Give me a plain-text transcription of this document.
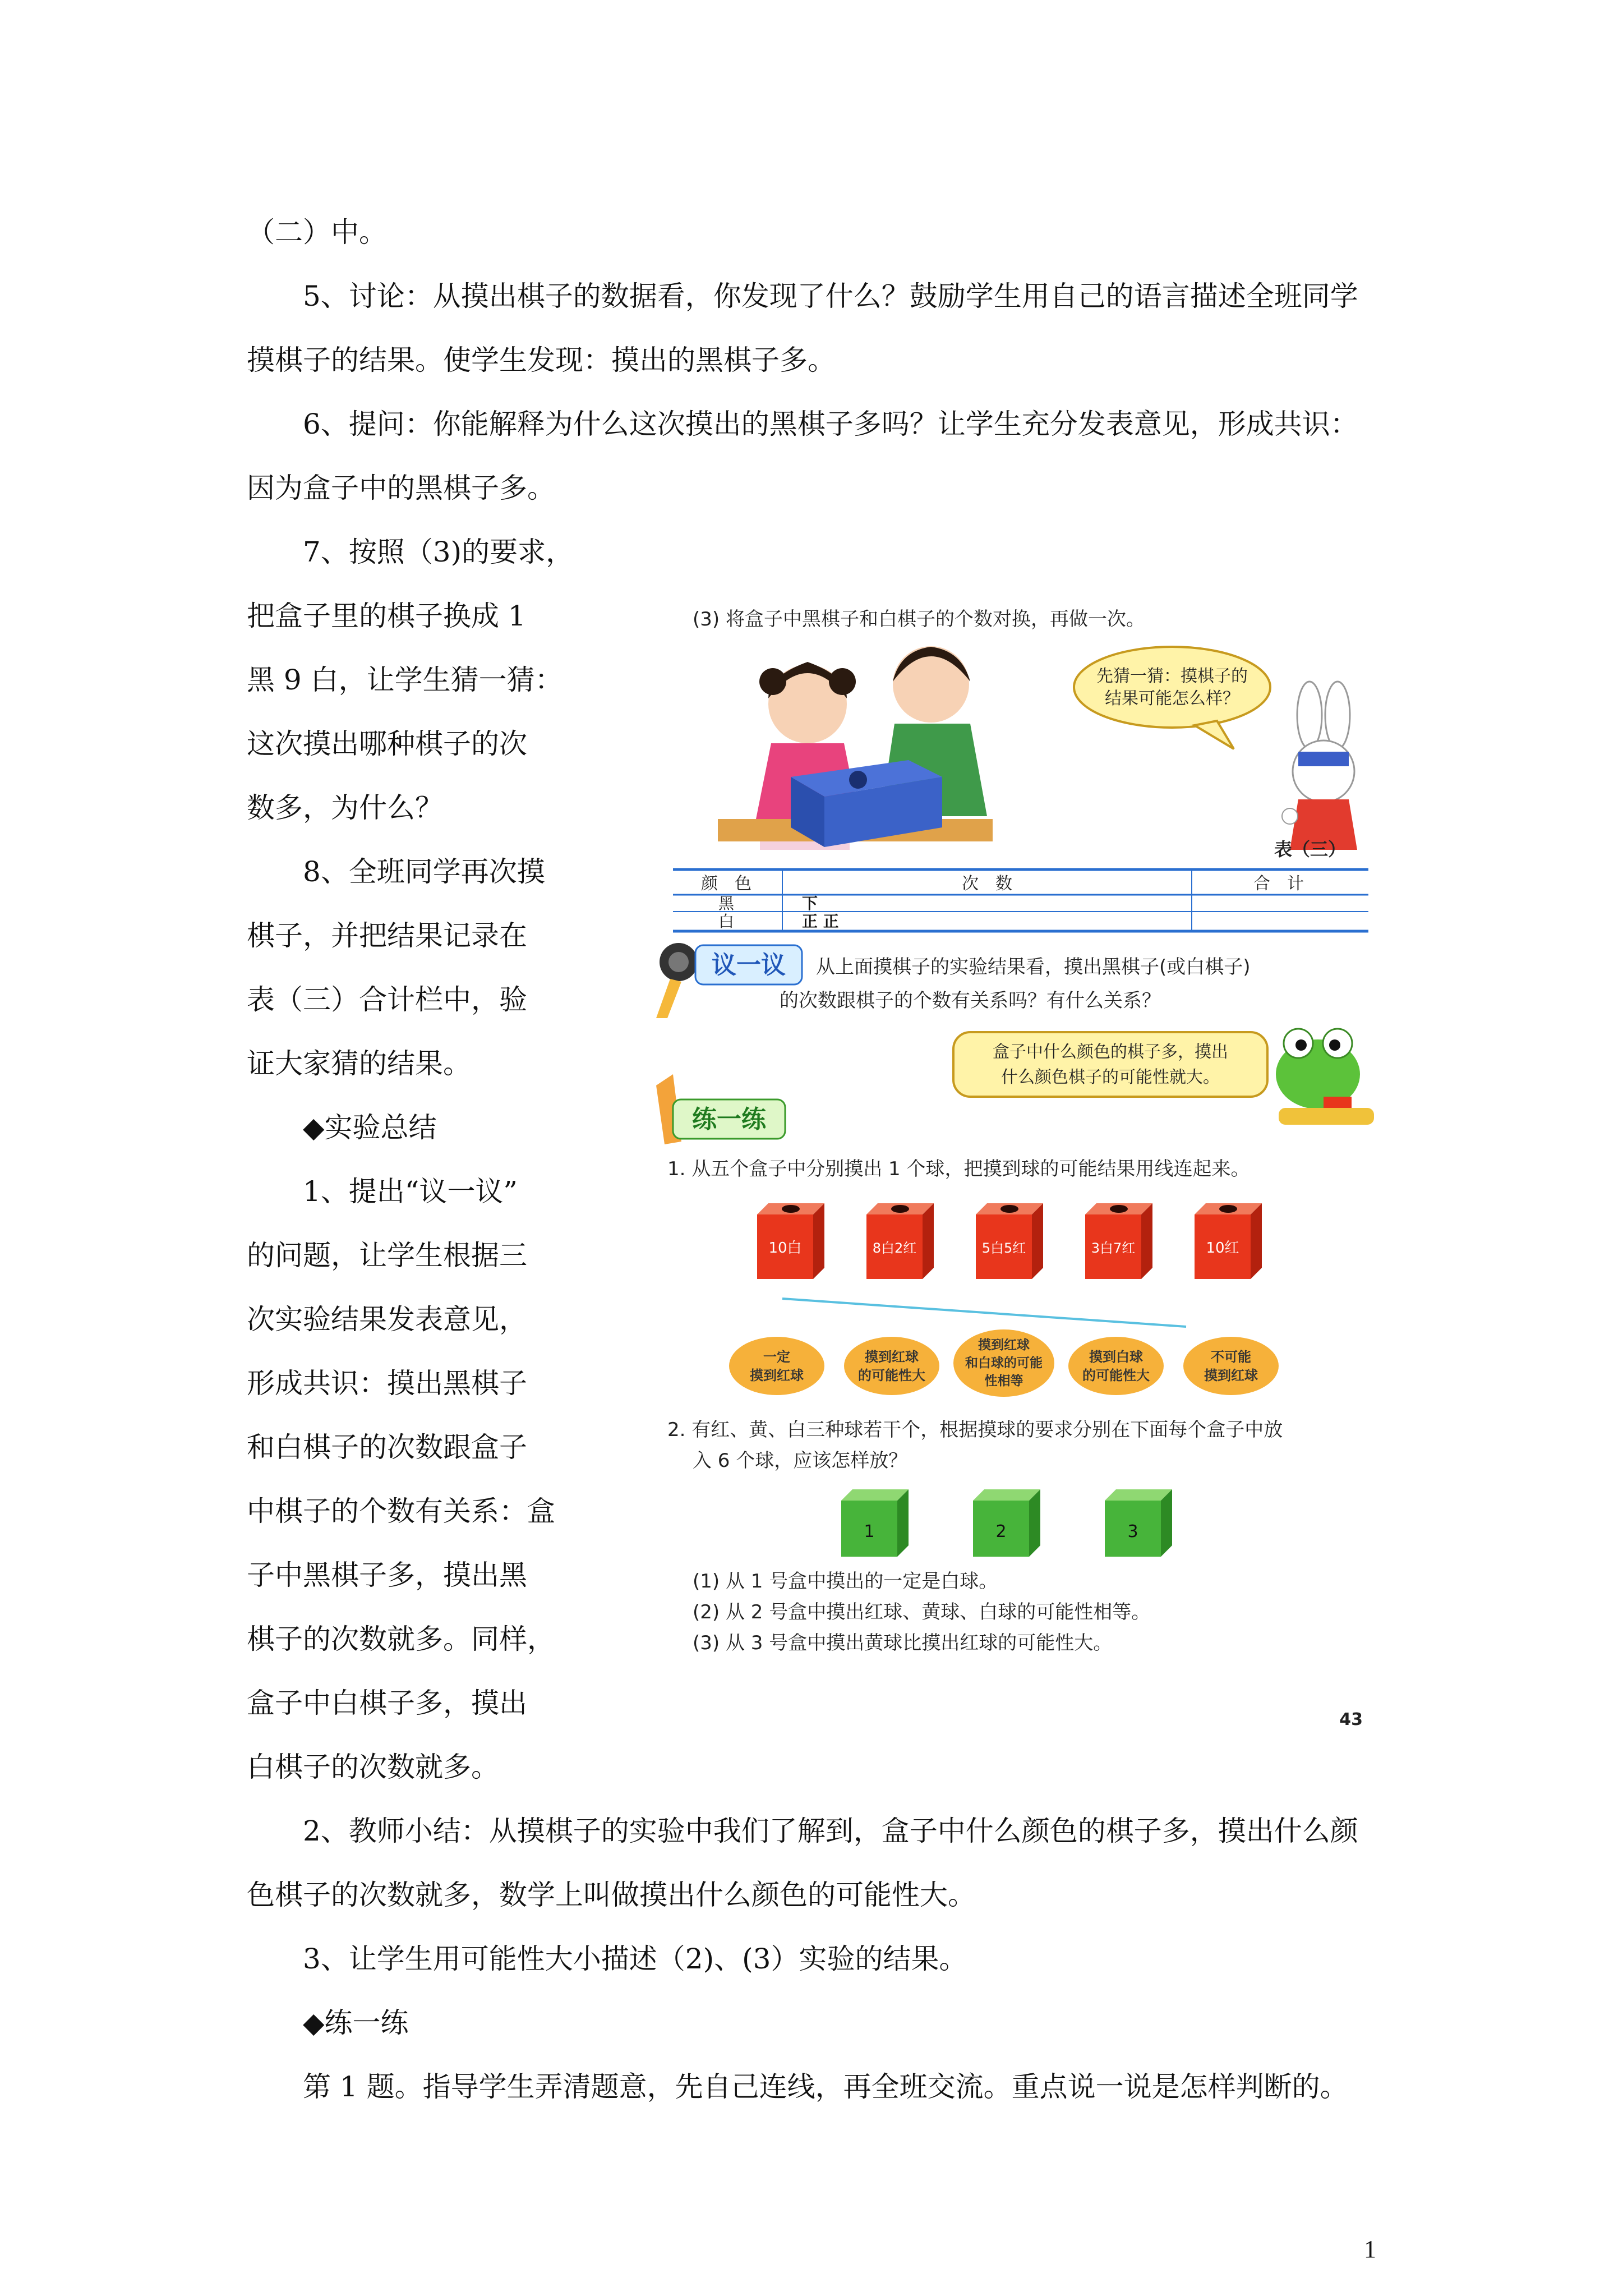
（二）中。

5、讨论：从摸出棋子的数据看，你发现了什么？鼓励学生用自己的语言描述全班同学

摸棋子的结果。使学生发现：摸出的黑棋子多。

6、提问：你能解释为什么这次摸出的黑棋子多吗？让学生充分发表意见，形成共识：

因为盒子中的黑棋子多。

7、按照（3)的要求，

把盒子里的棋子换成 1

黑 9 白，让学生猜一猜：

这次摸出哪种棋子的次

数多，为什么？

8、全班同学再次摸

棋子，并把结果记录在

表（三）合计栏中，验

证大家猜的结果。

◆实验总结

1、提出“议一议”

的问题，让学生根据三

次实验结果发表意见，

形成共识：摸出黑棋子

和白棋子的次数跟盒子

中棋子的个数有关系：盒

子中黑棋子多，摸出黑

棋子的次数就多。同样，

盒子中白棋子多，摸出

白棋子的次数就多。

2、教师小结：从摸棋子的实验中我们了解到，盒子中什么颜色的棋子多，摸出什么颜

色棋子的次数就多，数学上叫做摸出什么颜色的可能性大。

3、让学生用可能性大小描述（2)、(3）实验的结果。

◆练一练

第 1 题。指导学生弄清题意，先自己连线，再全班交流。重点说一说是怎样判断的。

1
(3) 将盒子中黑棋子和白棋子的个数对换，再做一次。
先猜一猜：摸棋子的
结果可能怎么样？
表（三）
颜　色	次　数	合　计
黑	下
白	正 正
议一议 从上面摸棋子的实验结果看，摸出黑棋子(或白棋子)
的次数跟棋子的个数有关系吗？有什么关系？
盒子中什么颜色的棋子多，摸出
什么颜色棋子的可能性就大。
练一练
1. 从五个盒子中分别摸出 1 个球，把摸到球的可能结果用线连起来。
10白	8白2红	5白5红	3白7红	10红
一定
摸到红球
摸到红球
的可能性大
摸到红球
和白球的可能
性相等
摸到白球
的可能性大
不可能
摸到红球
2. 有红、黄、白三种球若干个，根据摸球的要求分别在下面每个盒子中放
入 6 个球，应该怎样放？
1	2	3
(1) 从 1 号盒中摸出的一定是白球。
(2) 从 2 号盒中摸出红球、黄球、白球的可能性相等。
(3) 从 3 号盒中摸出黄球比摸出红球的可能性大。
43
